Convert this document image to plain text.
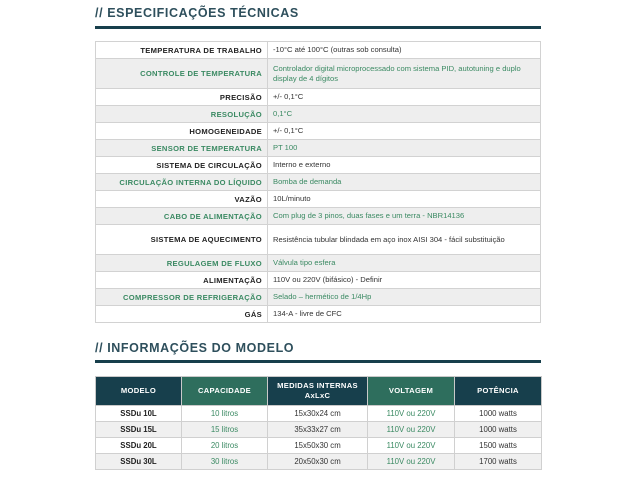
// ESPECIFICAÇÕES TÉCNICAS
TEMPERATURA DE TRABALHO	-10°C até 100°C (outras sob consulta)
CONTROLE DE TEMPERATURA	Controlador digital microprocessado com sistema PID, autotuning e duplo display de 4 dígitos
PRECISÃO	+/- 0,1°C
RESOLUÇÃO	0,1°C
HOMOGENEIDADE	+/- 0,1°C
SENSOR DE TEMPERATURA	PT 100
SISTEMA DE CIRCULAÇÃO	Interno e externo
CIRCULAÇÃO INTERNA DO LÍQUIDO	Bomba de demanda
VAZÃO	10L/minuto
CABO DE ALIMENTAÇÃO	Com plug de 3 pinos, duas fases e um terra - NBR14136
SISTEMA DE AQUECIMENTO	Resistência tubular blindada em aço inox AISI 304 - fácil substituição
REGULAGEM DE FLUXO	Válvula tipo esfera
ALIMENTAÇÃO	110V ou 220V (bifásico) - Definir
COMPRESSOR DE REFRIGERAÇÃO	Selado – hermético de 1/4Hp
GÁS	134-A - livre de CFC
// INFORMAÇÕES DO MODELO
MODELO	CAPACIDADE	MEDIDAS INTERNAS AxLxC	VOLTAGEM	POTÊNCIA
SSDu 10L	10 litros	15x30x24 cm	110V ou 220V	1000 watts
SSDu 15L	15 litros	35x33x27 cm	110V ou 220V	1000 watts
SSDu 20L	20 litros	15x50x30 cm	110V ou 220V	1500 watts
SSDu 30L	30 litros	20x50x30 cm	110V ou 220V	1700 watts
